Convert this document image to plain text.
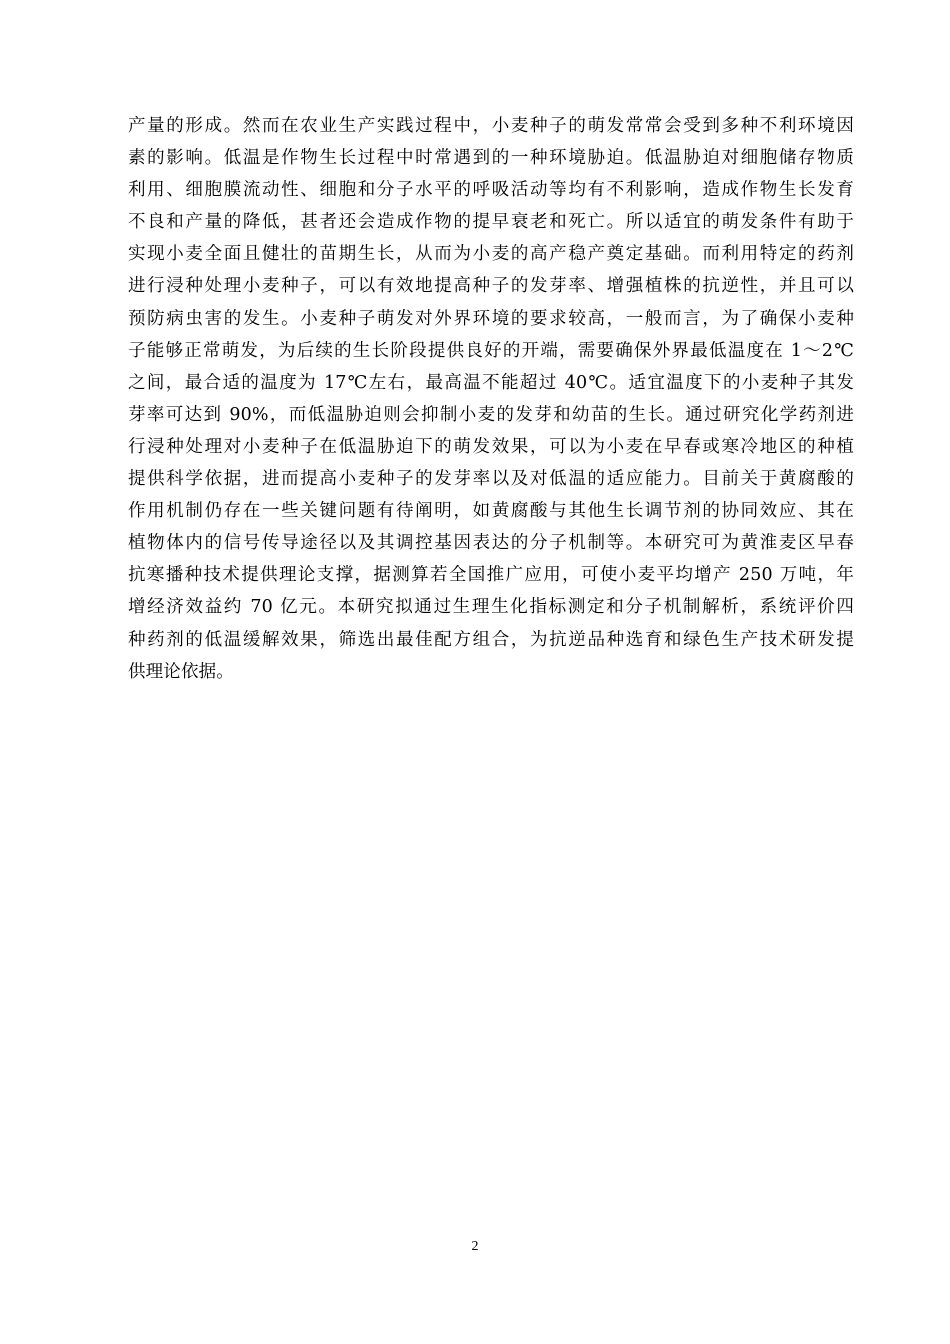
产量的形成。然而在农业生产实践过程中，小麦种子的萌发常常会受到多种不利环境因
素的影响。低温是作物生长过程中时常遇到的一种环境胁迫。低温胁迫对细胞储存物质
利用、细胞膜流动性、细胞和分子水平的呼吸活动等均有不利影响，造成作物生长发育
不良和产量的降低，甚者还会造成作物的提早衰老和死亡。所以适宜的萌发条件有助于
实现小麦全面且健壮的苗期生长，从而为小麦的高产稳产奠定基础。而利用特定的药剂
进行浸种处理小麦种子，可以有效地提高种子的发芽率、增强植株的抗逆性，并且可以
预防病虫害的发生。小麦种子萌发对外界环境的要求较高，一般而言，为了确保小麦种
子能够正常萌发，为后续的生长阶段提供良好的开端，需要确保外界最低温度在 1～2℃
之间，最合适的温度为 17℃左右，最高温不能超过 40℃。适宜温度下的小麦种子其发
芽率可达到 90%，而低温胁迫则会抑制小麦的发芽和幼苗的生长。通过研究化学药剂进
行浸种处理对小麦种子在低温胁迫下的萌发效果，可以为小麦在早春或寒冷地区的种植
提供科学依据，进而提高小麦种子的发芽率以及对低温的适应能力。目前关于黄腐酸的
作用机制仍存在一些关键问题有待阐明，如黄腐酸与其他生长调节剂的协同效应、其在
植物体内的信号传导途径以及其调控基因表达的分子机制等。本研究可为黄淮麦区早春
抗寒播种技术提供理论支撑，据测算若全国推广应用，可使小麦平均增产 250 万吨，年
增经济效益约 70 亿元。本研究拟通过生理生化指标测定和分子机制解析，系统评价四
种药剂的低温缓解效果，筛选出最佳配方组合，为抗逆品种选育和绿色生产技术研发提
供理论依据。
2
